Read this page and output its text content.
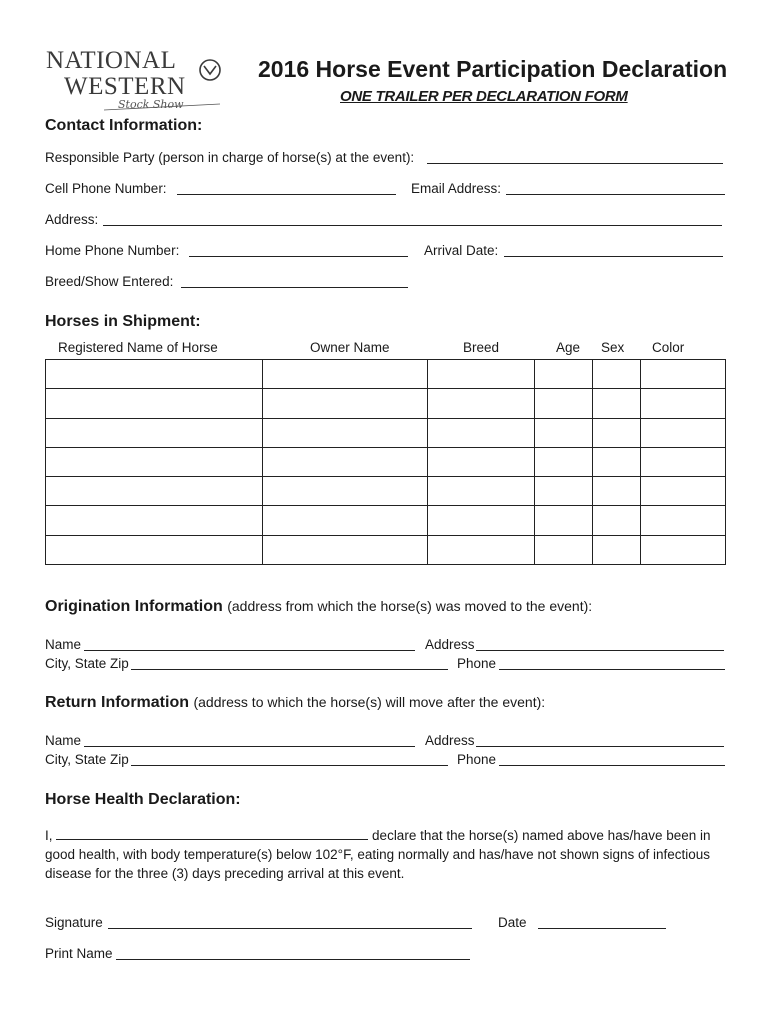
NATIONAL
WESTERN
Stock Show
2016 Horse Event Participation Declaration
ONE TRAILER PER DECLARATION FORM
Contact Information:
Responsible Party (person in charge of horse(s) at the event):
Cell Phone Number:	Email Address:
Address:
Home Phone Number:	Arrival Date:
Breed/Show Entered:
Horses in Shipment:
Registered Name of Horse	Owner Name	Breed	Age Sex Color

Origination Information (address from which the horse(s) was moved to the event):
Name	Address
City, State Zip	Phone
Return Information (address to which the horse(s) will move after the event):
Name	Address
City, State Zip	Phone
Horse Health Declaration:
I,	declare that the horse(s) named above has/have been in good health, with body temperature(s) below 102°F, eating normally and has/have not shown signs of infectious disease for the three (3) days preceding arrival at this event.
Signature	Date
Print Name
